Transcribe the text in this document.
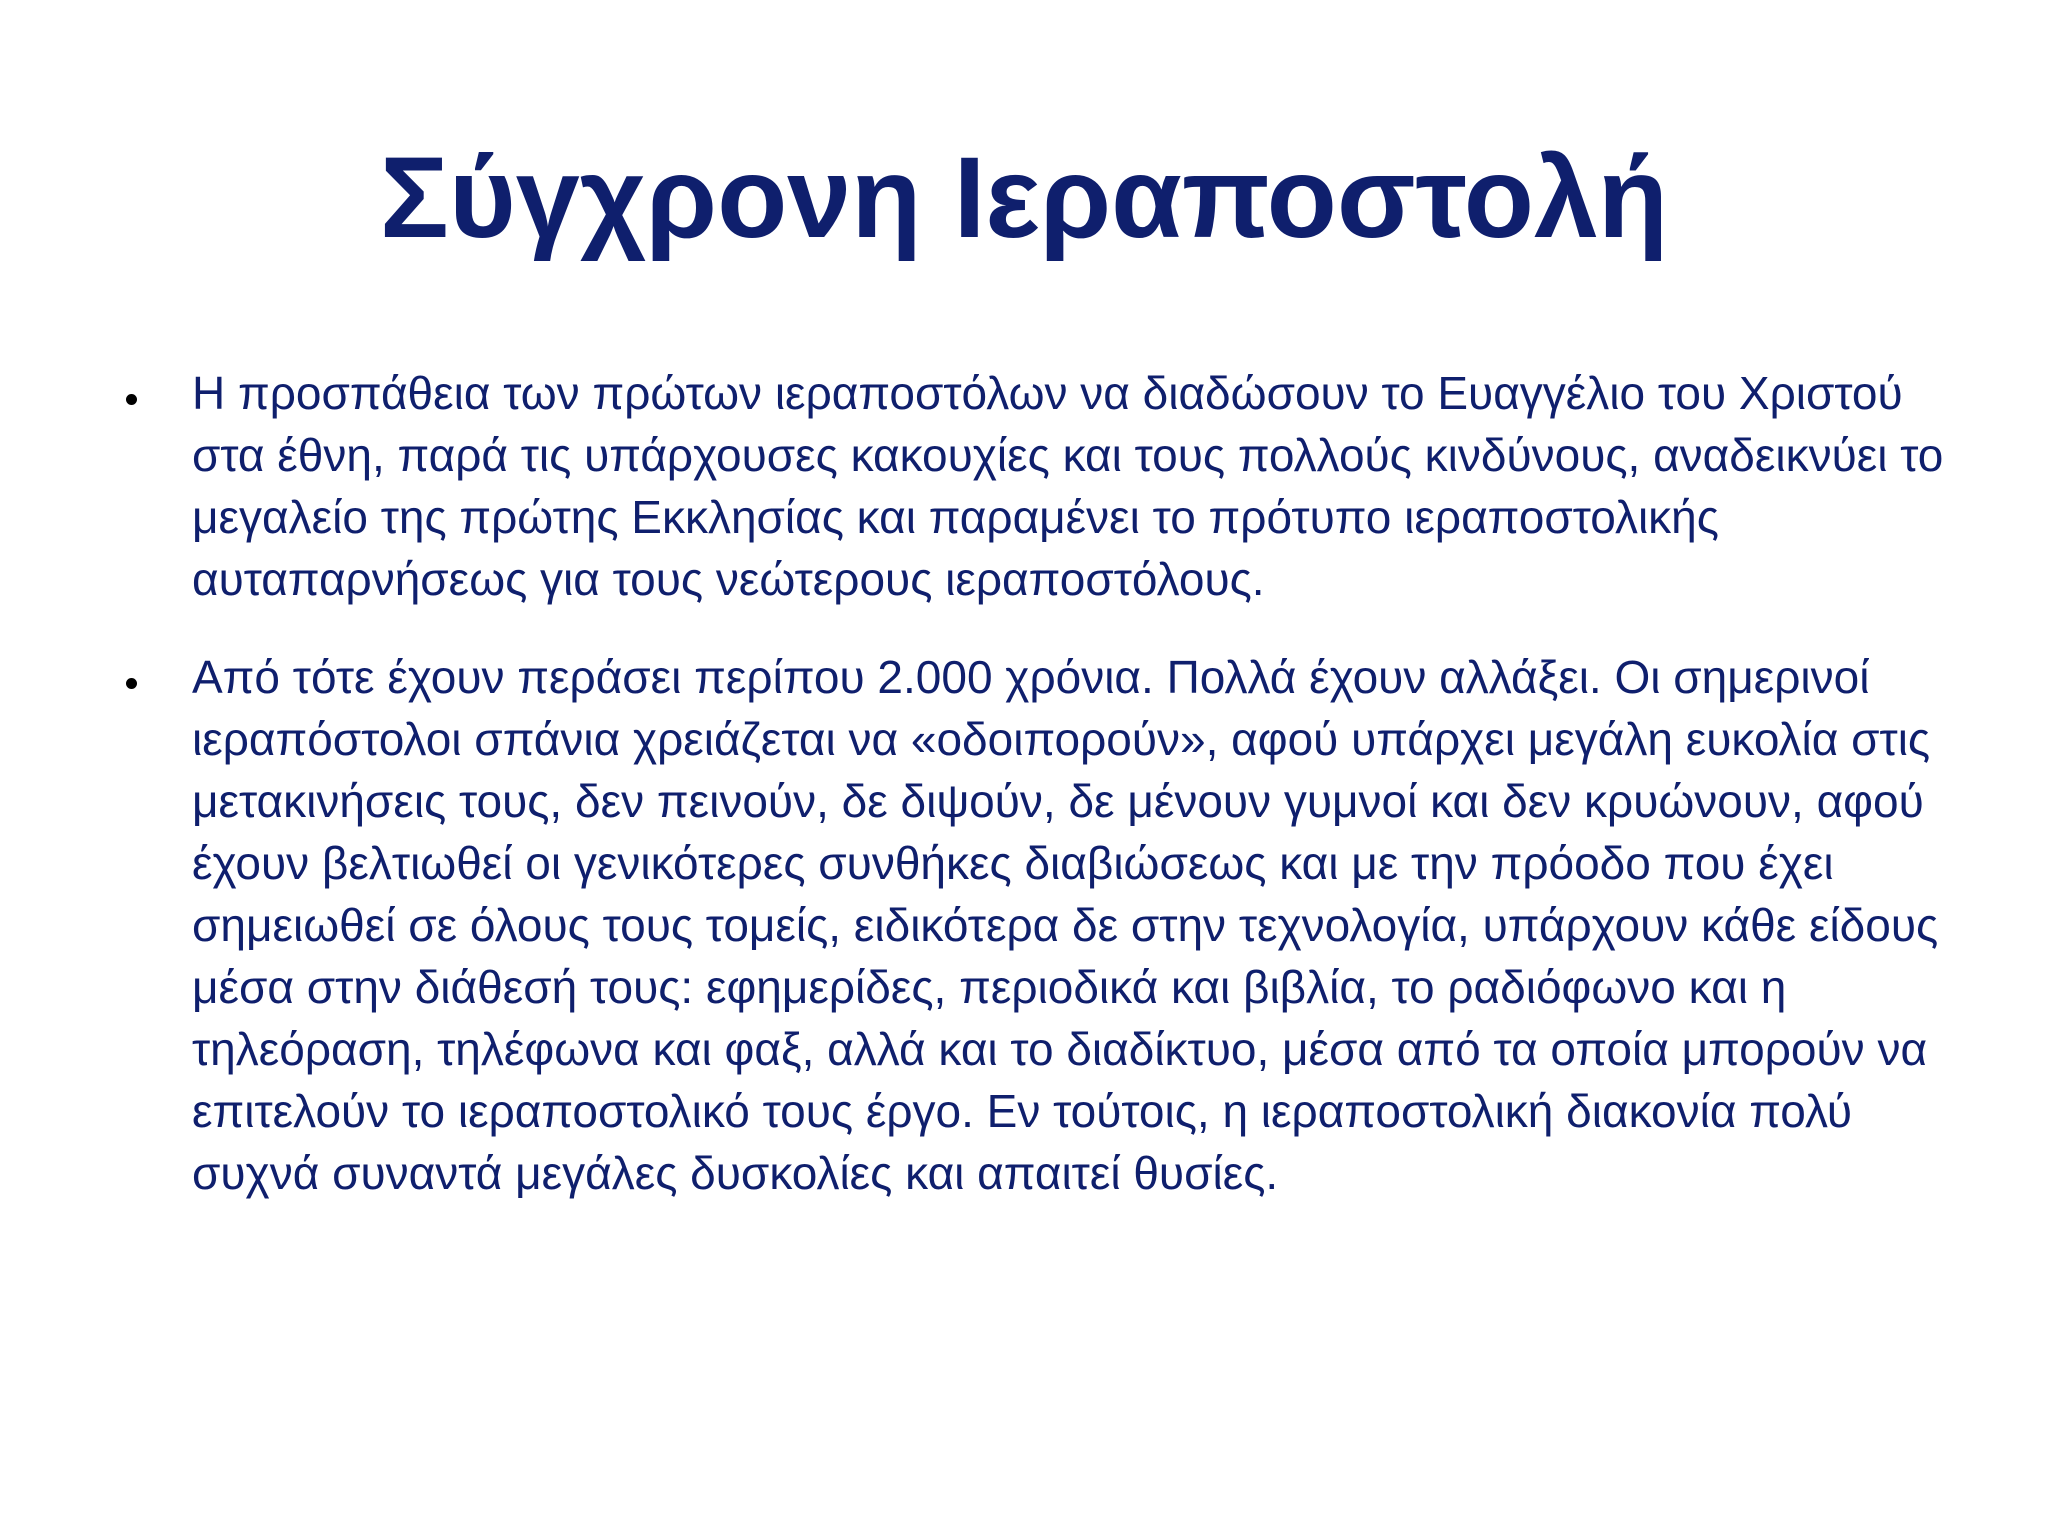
Σύγχρονη Ιεραποστολή
Η προσπάθεια των πρώτων ιεραποστόλων να διαδώσουν το Ευαγγέλιο του Χριστού στα έθνη, παρά τις υπάρχουσες κακουχίες και τους πολλούς κινδύνους, αναδεικνύει το μεγαλείο της πρώτης Εκκλησίας και παραμένει το πρότυπο ιεραποστολικής αυταπαρνήσεως για τους νεώτερους ιεραποστόλους.
Από τότε έχουν περάσει περίπου 2.000 χρόνια. Πολλά έχουν αλλάξει. Οι σημερινοί ιεραπόστολοι σπάνια χρειάζεται να «οδοιπορούν», αφού υπάρχει μεγάλη ευκολία στις μετακινήσεις τους, δεν πεινούν, δε διψούν, δε μένουν γυμνοί και δεν κρυώνουν, αφού έχουν βελτιωθεί οι γενικότερες συνθήκες διαβιώσεως και με την πρόοδο που έχει σημειωθεί σε όλους τους τομείς, ειδικότερα δε στην τεχνολογία, υπάρχουν κάθε είδους μέσα στην διάθεσή τους: εφημερίδες, περιοδικά και βιβλία, το ραδιόφωνο και η τηλεόραση, τηλέφωνα και φαξ, αλλά και το διαδίκτυο, μέσα από τα οποία μπορούν να επιτελούν το ιεραποστολικό τους έργο. Εν τούτοις, η ιεραποστολική διακονία πολύ συχνά συναντά μεγάλες δυσκολίες και απαιτεί θυσίες.
